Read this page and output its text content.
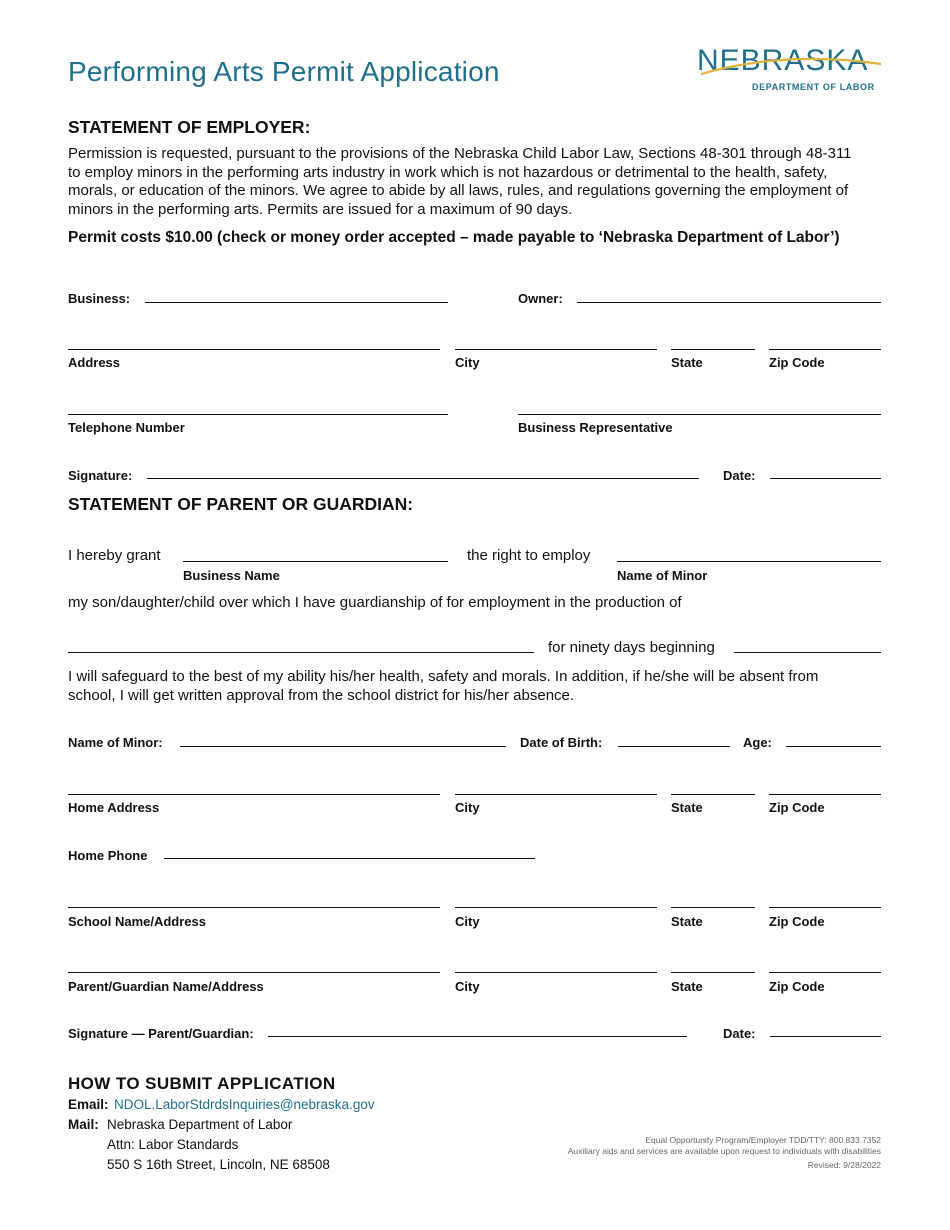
Performing Arts Permit Application	NEBRASKA
DEPARTMENT OF LABOR
STATEMENT OF EMPLOYER:
Permission is requested, pursuant to the provisions of the Nebraska Child Labor Law, Sections 48-301 through 48-311
to employ minors in the performing arts industry in work which is not hazardous or detrimental to the health, safety,
morals, or education of the minors. We agree to abide by all laws, rules, and regulations governing the employment of
minors in the performing arts. Permits are issued for a maximum of 90 days.
Permit costs $10.00 (check or money order accepted – made payable to ‘Nebraska Department of Labor’)
Business:	Owner:
Address	City	State	Zip Code
Telephone Number	Business Representative
Signature:	Date:
STATEMENT OF PARENT OR GUARDIAN:
I hereby grant	the right to employ
Business Name	Name of Minor
my son/daughter/child over which I have guardianship of for employment in the production of
for ninety days beginning
I will safeguard to the best of my ability his/her health, safety and morals. In addition, if he/she will be absent from
school, I will get written approval from the school district for his/her absence.
Name of Minor:	Date of Birth:	Age:
Home Address	City	State	Zip Code
Home Phone
School Name/Address	City	State	Zip Code
Parent/Guardian Name/Address	City	State	Zip Code
Signature — Parent/Guardian:	Date:
HOW TO SUBMIT APPLICATION
Email: NDOL.LaborStdrdsInquiries@nebraska.gov
Mail: Nebraska Department of Labor
Attn: Labor Standards
550 S 16th Street, Lincoln, NE 68508
Equal Opportunity Program/Employer TDD/TTY: 800.833.7352
Auxiliary aids and services are available upon request to individuals with disabilities
Revised: 9/28/2022
